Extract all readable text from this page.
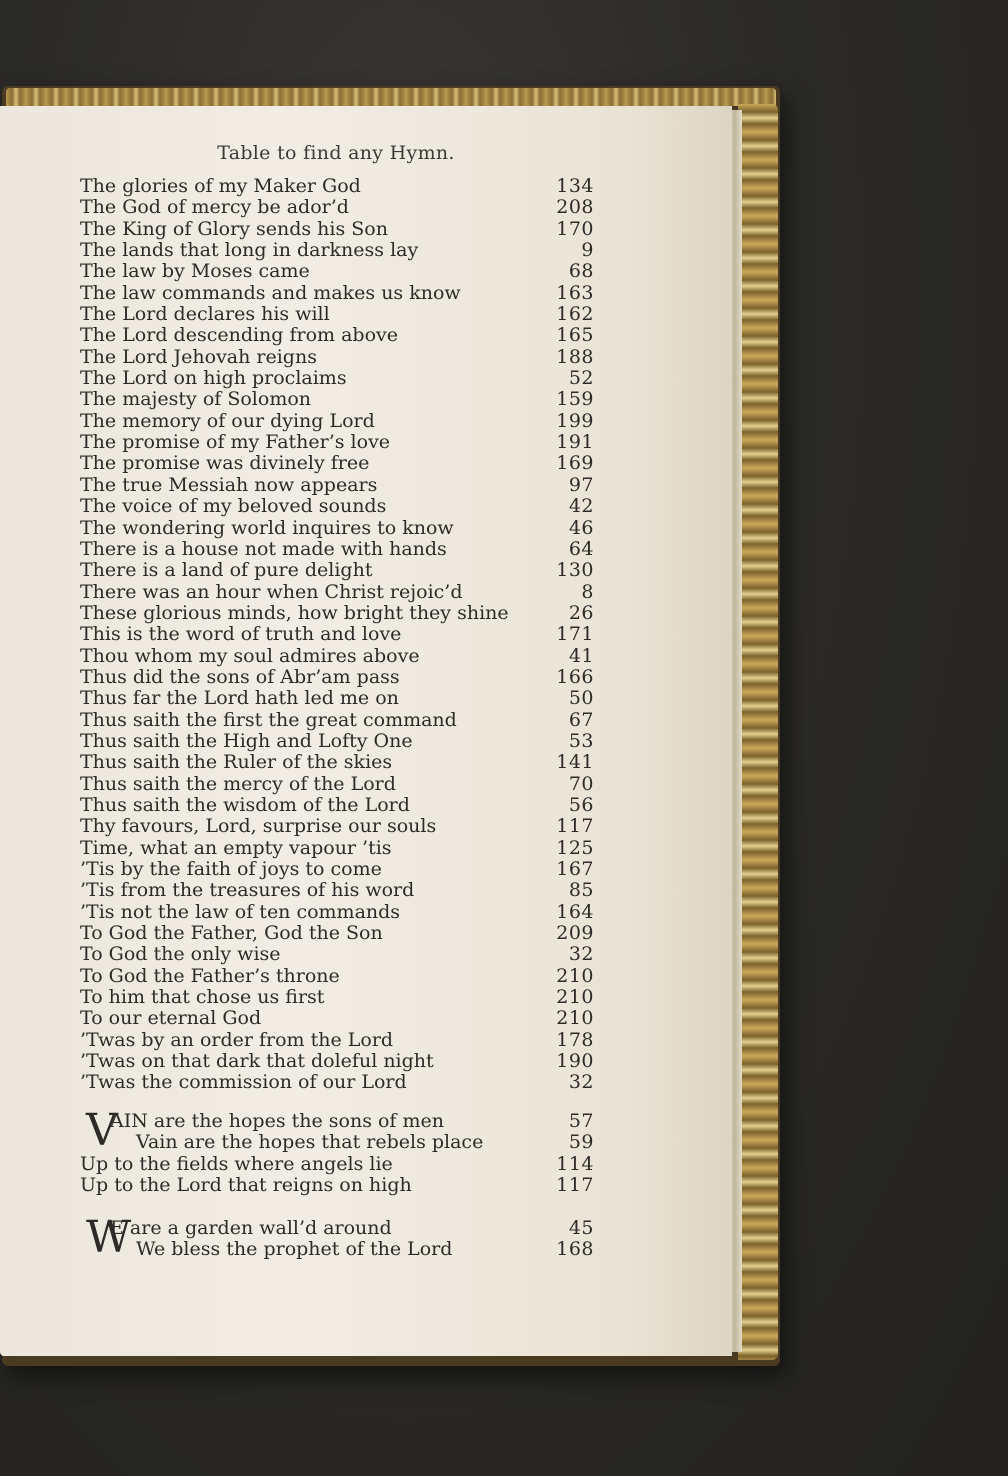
Table to find any Hymn.
The glories of my Maker God	134
The God of mercy be ador’d	208
The King of Glory sends his Son	170
The lands that long in darkness lay	9
The law by Moses came	68
The law commands and makes us know	163
The Lord declares his will	162
The Lord descending from above	165
The Lord Jehovah reigns	188
The Lord on high proclaims	52
The majesty of Solomon	159
The memory of our dying Lord	199
The promise of my Father’s love	191
The promise was divinely free	169
The true Messiah now appears	97
The voice of my beloved sounds	42
The wondering world inquires to know	46
There is a house not made with hands	64
There is a land of pure delight	130
There was an hour when Christ rejoic’d	8
These glorious minds, how bright they shine	26
This is the word of truth and love	171
Thou whom my soul admires above	41
Thus did the sons of Abr’am pass	166
Thus far the Lord hath led me on	50
Thus saith the first the great command	67
Thus saith the High and Lofty One	53
Thus saith the Ruler of the skies	141
Thus saith the mercy of the Lord	70
Thus saith the wisdom of the Lord	56
Thy favours, Lord, surprise our souls	117
Time, what an empty vapour ’tis	125
’Tis by the faith of joys to come	167
’Tis from the treasures of his word	85
’Tis not the law of ten commands	164
To God the Father, God the Son	209
To God the only wise	32
To God the Father’s throne	210
To him that chose us first	210
To our eternal God	210
’Twas by an order from the Lord	178
’Twas on that dark that doleful night	190
’Twas the commission of our Lord	32
V
AIN are the hopes the sons of men	57
Vain are the hopes that rebels place	59
Up to the fields where angels lie	114
Up to the Lord that reigns on high	117
W
E are a garden wall’d around	45
We bless the prophet of the Lord	168
